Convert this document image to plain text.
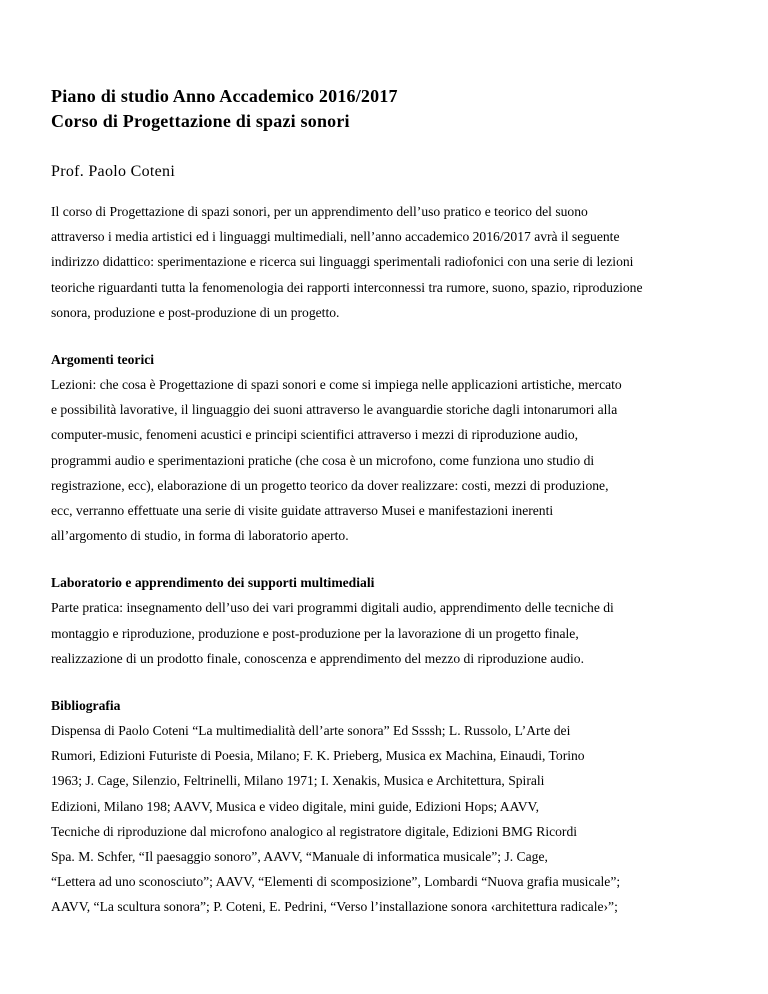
Piano di studio Anno Accademico 2016/2017
Corso di Progettazione di spazi sonori
Prof. Paolo Coteni

Il corso di Progettazione di spazi sonori, per un apprendimento dell’uso pratico e teorico del suono
attraverso i media artistici ed i linguaggi multimediali, nell’anno accademico 2016/2017 avrà il seguente
indirizzo didattico: sperimentazione e ricerca sui linguaggi sperimentali radiofonici con una serie di lezioni
teoriche riguardanti tutta la fenomenologia dei rapporti interconnessi tra rumore, suono, spazio, riproduzione
sonora, produzione e post-produzione di un progetto.

Argomenti teorici

Lezioni: che cosa è Progettazione di spazi sonori e come si impiega nelle applicazioni artistiche, mercato
e possibilità lavorative, il linguaggio dei suoni attraverso le avanguardie storiche dagli intonarumori alla
computer-music, fenomeni acustici e principi scientifici attraverso i mezzi di riproduzione audio,
programmi audio e sperimentazioni pratiche (che cosa è un microfono, come funziona uno studio di
registrazione, ecc), elaborazione di un progetto teorico da dover realizzare: costi, mezzi di produzione,
ecc, verranno effettuate una serie di visite guidate attraverso Musei e manifestazioni inerenti
all’argomento di studio, in forma di laboratorio aperto.

Laboratorio e apprendimento dei supporti multimediali

Parte pratica: insegnamento dell’uso dei vari programmi digitali audio, apprendimento delle tecniche di
montaggio e riproduzione, produzione e post-produzione per la lavorazione di un progetto finale,
realizzazione di un prodotto finale, conoscenza e apprendimento del mezzo di riproduzione audio.

Bibliografia

Dispensa di Paolo Coteni “La multimedialità dell’arte sonora” Ed Ssssh; L. Russolo, L’Arte dei
Rumori, Edizioni Futuriste di Poesia, Milano; F. K. Prieberg, Musica ex Machina, Einaudi, Torino
1963; J. Cage, Silenzio, Feltrinelli, Milano 1971; I. Xenakis, Musica e Architettura, Spirali
Edizioni, Milano 198; AAVV, Musica e video digitale, mini guide, Edizioni Hops; AAVV,
Tecniche di riproduzione dal microfono analogico al registratore digitale, Edizioni BMG Ricordi
Spa. M. Schfer, “Il paesaggio sonoro”, AAVV, “Manuale di informatica musicale”; J. Cage,
“Lettera ad uno sconosciuto”; AAVV, “Elementi di scomposizione”, Lombardi “Nuova grafia musicale”;
AAVV, “La scultura sonora”; P. Coteni, E. Pedrini, “Verso l’installazione sonora ‹architettura radicale›”;
